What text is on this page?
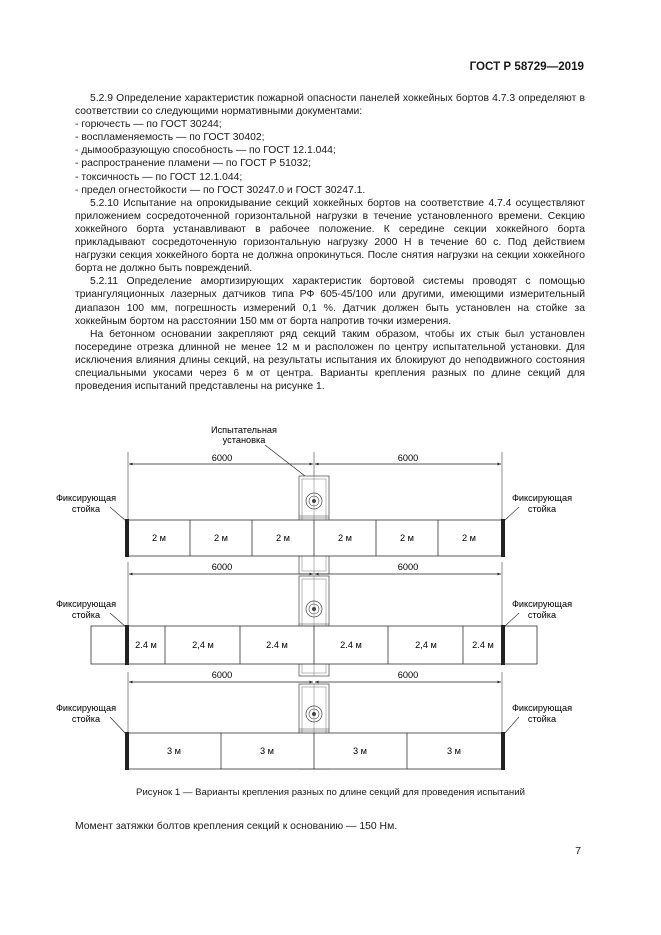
ГОСТ Р 58729—2019

5.2.9 Определение характеристик пожарной опасности панелей хоккейных бортов 4.7.3 определяют в соответствии со следующими нормативными документами:

- горючесть — по ГОСТ 30244;
- воспламеняемость — по ГОСТ 30402;
- дымообразующую способность — по ГОСТ 12.1.044;
- распространение пламени — по ГОСТ Р 51032;
- токсичность — по ГОСТ 12.1.044;
- предел огнестойкости — по ГОСТ 30247.0 и ГОСТ 30247.1.

5.2.10 Испытание на опрокидывание секций хоккейных бортов на соответствие 4.7.4 осуществляют приложением сосредоточенной горизонтальной нагрузки в течение установленного времени. Секцию хоккейного борта устанавливают в рабочее положение. К середине секции хоккейного борта прикладывают сосредоточенную горизонтальную нагрузку 2000 Н в течение 60 с. Под действием нагрузки секция хоккейного борта не должна опрокинуться. После снятия нагрузки на секции хоккейного борта не должно быть повреждений.

5.2.11 Определение амортизирующих характеристик бортовой системы проводят с помощью триангуляционных лазерных датчиков типа РФ 605-45/100 или другими, имеющими измерительный диапазон 100 мм, погрешность измерений 0,1 %. Датчик должен быть установлен на стойке за хоккейным бортом на расстоянии 150 мм от борта напротив точки измерения.

На бетонном основании закрепляют ряд секций таким образом, чтобы их стык был установлен посередине отрезка длинной не менее 12 м и расположен по центру испытательной установки. Для исключения влияния длины секций, на результаты испытания их блокируют до неподвижного состояния специальными укосами через 6 м от центра. Варианты крепления разных по длине секций для проведения испытаний представлены на рисунке 1.

Испытательная
установка
6000	6000
2 м	2 м	2 м	2 м	2 м	2 м
Фиксирующая
стойка
Фиксирующая
стойка
6000	6000
2.4 м	2,4 м	2.4 м	2.4 м	2,4 м	2.4 м
Фиксирующая
стойка
Фиксирующая
стойка
6000	6000
3 м	3 м	3 м	3 м
Фиксирующая
стойка
Фиксирующая
стойка
Рисунок 1 — Варианты крепления разных по длине секций для проведения испытаний
Момент затяжки болтов крепления секций к основанию — 150 Нм.
7
